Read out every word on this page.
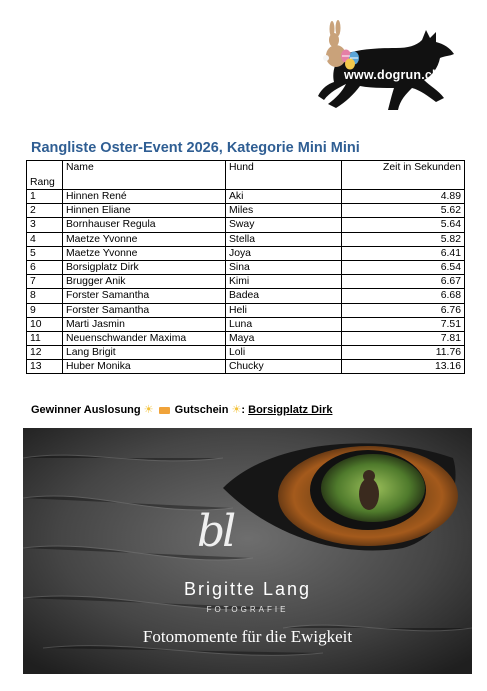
www.dogrun.ch
Rangliste Oster-Event 2026, Kategorie Mini Mini
Rang	Name	Hund	Zeit in Sekunden
1	Hinnen René	Aki	4.89
2	Hinnen Eliane	Miles	5.62
3	Bornhauser Regula	Sway	5.64
4	Maetze Yvonne	Stella	5.82
5	Maetze Yvonne	Joya	6.41
6	Borsigplatz Dirk	Sina	6.54
7	Brugger Anik	Kimi	6.67
8	Forster Samantha	Badea	6.68
9	Forster Samantha	Heli	6.76
10	Marti Jasmin	Luna	7.51
11	Neuenschwander Maxima	Maya	7.81
12	Lang Brigit	Loli	11.76
13	Huber Monika	Chucky	13.16
Gewinner Auslosung ☀ Gutschein ☀: Borsigplatz Dirk
bl
Brigitte Lang
FOTOGRAFIE
Fotomomente für die Ewigkeit
